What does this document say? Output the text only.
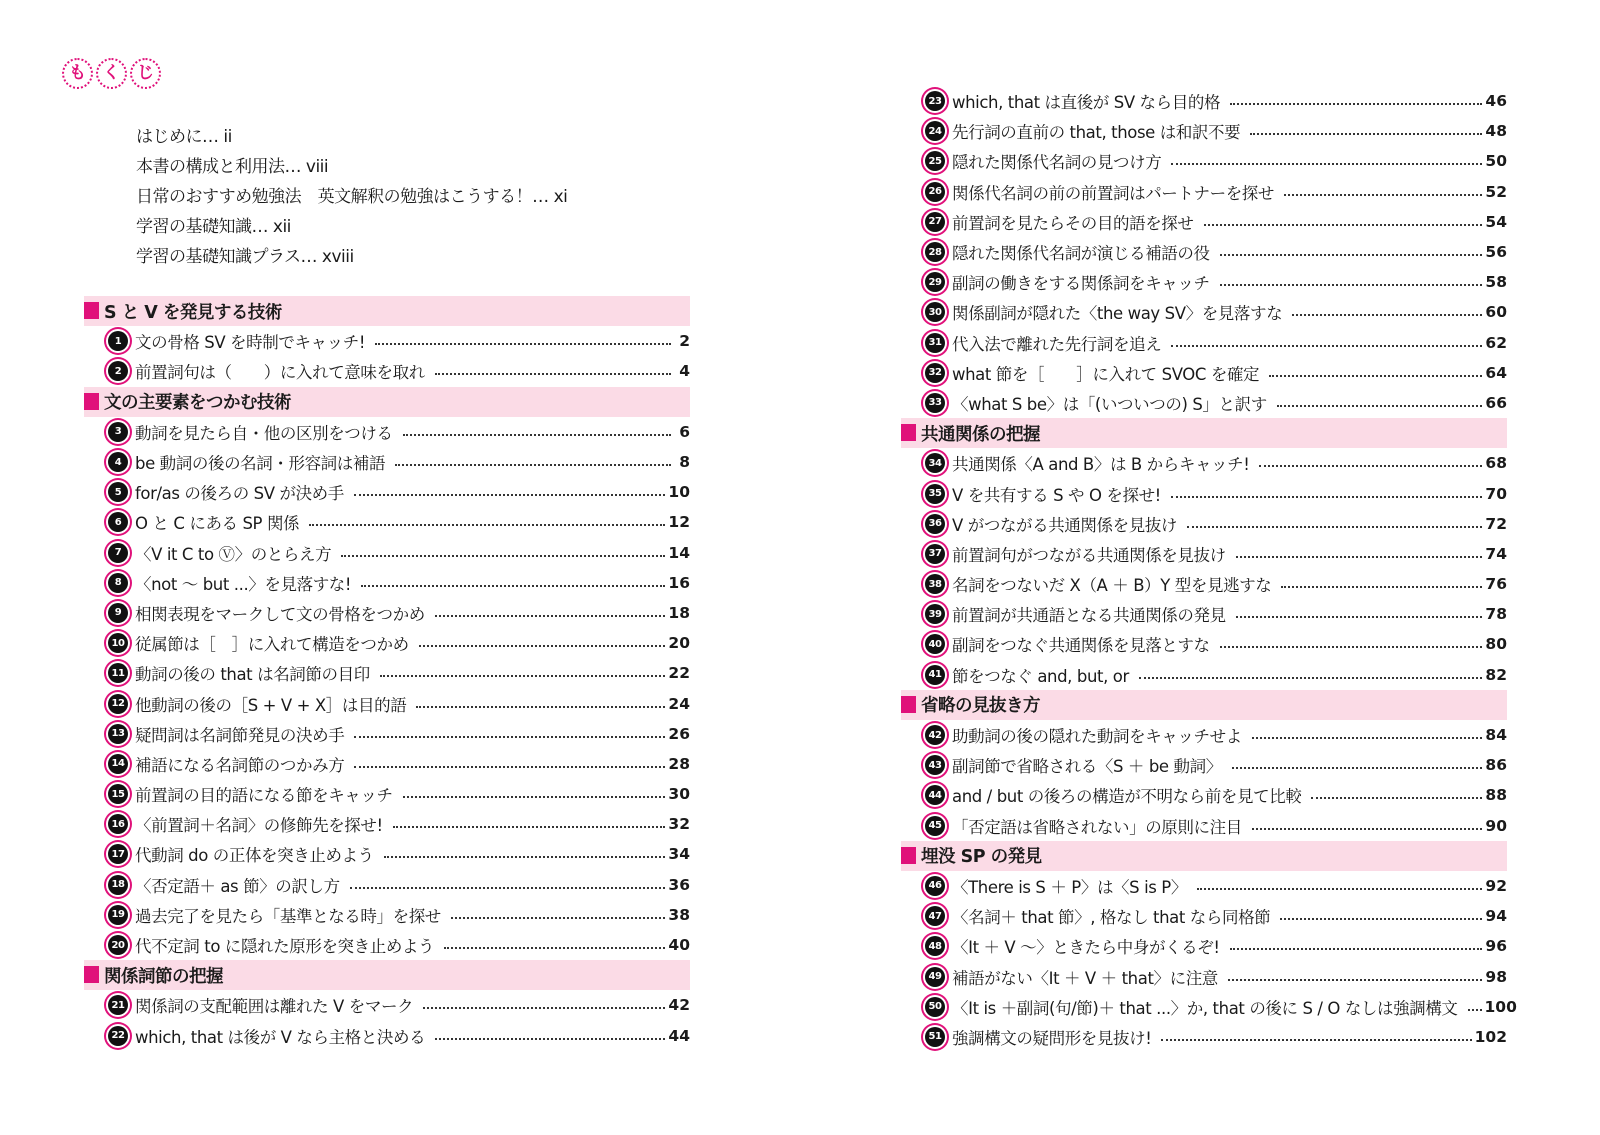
も	く	じ
はじめに… ii
本書の構成と利用法… viii
日常のおすすめ勉強法　英文解釈の勉強はこうする！… xi
学習の基礎知識… xii
学習の基礎知識プラス… xviii
S と V を発見する技術
1 文の骨格 SV を時制でキャッチ!	2
2 前置詞句は（　　）に入れて意味を取れ	4
文の主要素をつかむ技術
3 動詞を見たら自・他の区別をつける	6
4 be 動詞の後の名詞・形容詞は補語	8
5 for/as の後ろの SV が決め手	10
6 O と C にある SP 関係	12
7 〈V it C to Ⓥ〉のとらえ方	14
8 〈not ～ but ...〉を見落すな!	16
9 相関表現をマークして文の骨格をつかめ	18
10 従属節は［　］に入れて構造をつかめ	20
11 動詞の後の that は名詞節の目印	22
12 他動詞の後の［S + V + X］は目的語	24
13 疑問詞は名詞節発見の決め手	26
14 補語になる名詞節のつかみ方	28
15 前置詞の目的語になる節をキャッチ	30
16 〈前置詞＋名詞〉の修飾先を探せ!	32
17 代動詞 do の正体を突き止めよう	34
18 〈否定語＋ as 節〉の訳し方	36
19 過去完了を見たら「基準となる時」を探せ	38
20 代不定詞 to に隠れた原形を突き止めよう	40
関係詞節の把握
21 関係詞の支配範囲は離れた V をマーク	42
22 which, that は後が V なら主格と決める	44
23 which, that は直後が SV なら目的格	46
24 先行詞の直前の that, those は和訳不要	48
25 隠れた関係代名詞の見つけ方	50
26 関係代名詞の前の前置詞はパートナーを探せ	52
27 前置詞を見たらその目的語を探せ	54
28 隠れた関係代名詞が演じる補語の役	56
29 副詞の働きをする関係詞をキャッチ	58
30 関係副詞が隠れた〈the way SV〉を見落すな	60
31 代入法で離れた先行詞を追え	62
32 what 節を［　　］に入れて SVOC を確定	64
33 〈what S be〉は「(いついつの) S」と訳す	66
共通関係の把握
34 共通関係〈A and B〉は B からキャッチ!	68
35 V を共有する S や O を探せ!	70
36 V がつながる共通関係を見抜け	72
37 前置詞句がつながる共通関係を見抜け	74
38 名詞をつないだ X（A ＋ B）Y 型を見逃すな	76
39 前置詞が共通語となる共通関係の発見	78
40 副詞をつなぐ共通関係を見落とすな	80
41 節をつなぐ and, but, or	82
省略の見抜き方
42 助動詞の後の隠れた動詞をキャッチせよ	84
43 副詞節で省略される〈S ＋ be 動詞〉	86
44 and / but の後ろの構造が不明なら前を見て比較	88
45 「否定語は省略されない」の原則に注目	90
埋没 SP の発見
46 〈There is S ＋ P〉は〈S is P〉	92
47 〈名詞＋ that 節〉, 格なし that なら同格節	94
48 〈It ＋ V ～〉ときたら中身がくるぞ!	96
49 補語がない〈It ＋ V ＋ that〉に注意	98
50 〈It is ＋副詞(句/節)＋ that ...〉か, that の後に S / O なしは強調構文 100
51 強調構文の疑問形を見抜け!	102
